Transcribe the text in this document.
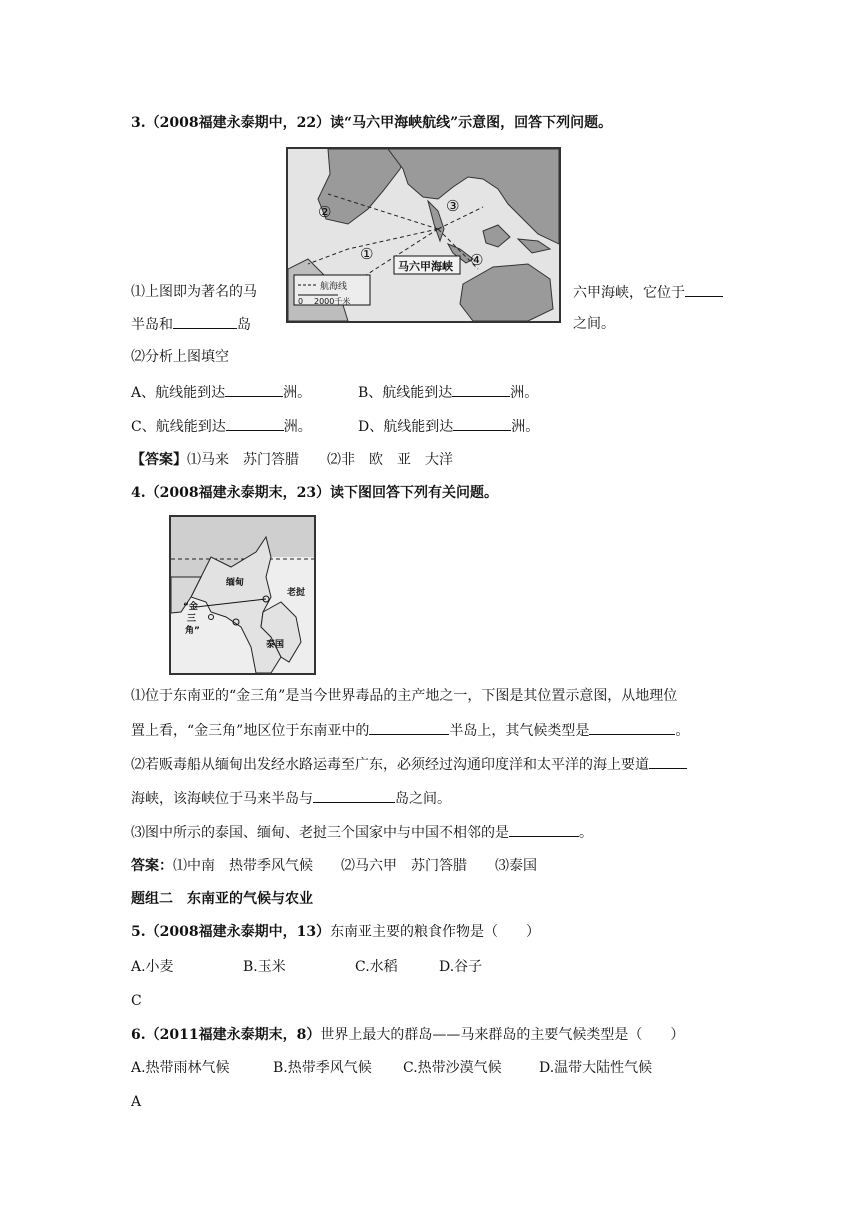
3.（2008福建永泰期中，22）读“马六甲海峡航线”示意图，回答下列问题。
②
①
③
④
马六甲海峡
航海线
0 2000千米
⑴上图即为著名的马	六甲海峡，它位于
半岛和	岛	之间。
⑵分析上图填空
A、航线能到达	洲。	B、航线能到达	洲。
C、航线能到达	洲。	D、航线能到达	洲。
【答案】⑴马来　苏门答腊　　⑵非　欧　亚　大洋
4.（2008福建永泰期末，23）读下图回答下列有关问题。
缅甸
老挝
泰国
“金
三
角”
⑴位于东南亚的“金三角”是当今世界毒品的主产地之一，下图是其位置示意图，从地理位
置上看，“金三角”地区位于东南亚中的	半岛上，其气候类型是	。
⑵若贩毒船从缅甸出发经水路运毒至广东，必须经过沟通印度洋和太平洋的海上要道
海峡，该海峡位于马来半岛与	岛之间。
⑶图中所示的泰国、缅甸、老挝三个国家中与中国不相邻的是	。
答案：⑴中南　热带季风气候　　⑵马六甲　苏门答腊　　⑶泰国
题组二　东南亚的气候与农业
5.（2008福建永泰期中，13）东南亚主要的粮食作物是（　　）
A.小麦	B.玉米	C.水稻	D.谷子
C
6.（2011福建永泰期末，8）世界上最大的群岛——马来群岛的主要气候类型是（　　）
A.热带雨林气候	B.热带季风气候 C.热带沙漠气候	D.温带大陆性气候
A
